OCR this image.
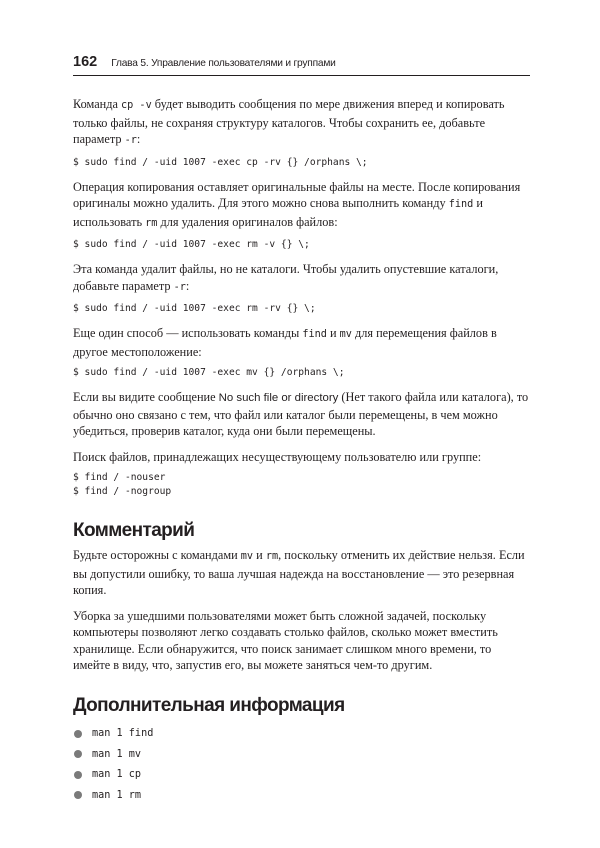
162 Глава 5. Управление пользователями и группами

Команда cp -v будет выводить сообщения по мере движения вперед и копировать только файлы, не сохраняя структуру каталогов. Чтобы сохранить ее, добавьте параметр -r:

$ sudo find / -uid 1007 -exec cp -rv {} /orphans \;

Операция копирования оставляет оригинальные файлы на месте. После копирования оригиналы можно удалить. Для этого можно снова выполнить команду find и использовать rm для удаления оригиналов файлов:

$ sudo find / -uid 1007 -exec rm -v {} \;

Эта команда удалит файлы, но не каталоги. Чтобы удалить опустевшие каталоги, добавьте параметр -r:

$ sudo find / -uid 1007 -exec rm -rv {} \;

Еще один способ — использовать команды find и mv для перемещения файлов в другое местоположение:

$ sudo find / -uid 1007 -exec mv {} /orphans \;

Если вы видите сообщение No such file or directory (Нет такого файла или каталога), то обычно оно связано с тем, что файл или каталог были перемещены, в чем можно убедиться, проверив каталог, куда они были перемещены.

Поиск файлов, принадлежащих несуществующему пользователю или группе:

$ find / -nouser
$ find / -nogroup
Комментарий

Будьте осторожны с командами mv и rm, поскольку отменить их действие нельзя. Если вы допустили ошибку, то ваша лучшая надежда на восстановление — это резервная копия.

Уборка за ушедшими пользователями может быть сложной задачей, поскольку компьютеры позволяют легко создавать столько файлов, сколько может вместить хранилище. Если обнаружится, что поиск занимает слишком много времени, то имейте в виду, что, запустив его, вы можете заняться чем-то другим.

Дополнительная информация
man 1 find
man 1 mv
man 1 cp
man 1 rm
